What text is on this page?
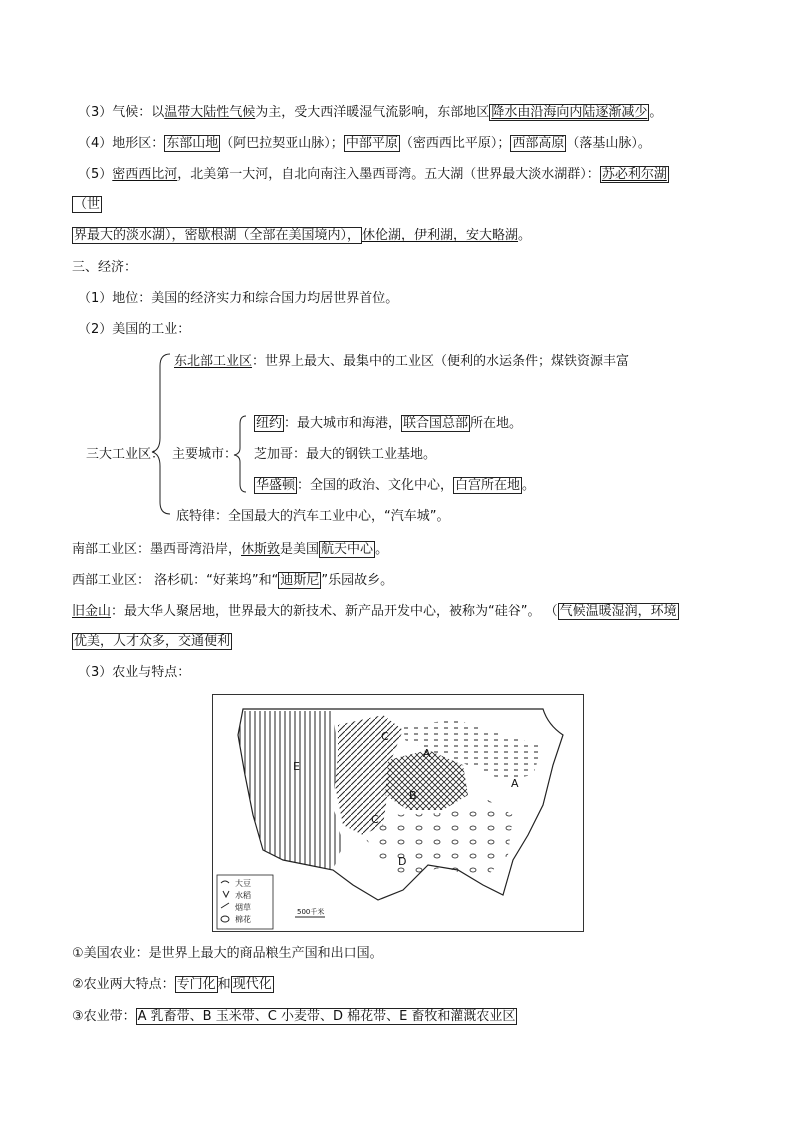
（3）气候：以温带大陆性气候为主，受大西洋暖湿气流影响，东部地区 降水由沿海向内陆逐渐减少 。
（4）地形区： 东部山地 （阿巴拉契亚山脉）； 中部平原 （密西西比平原）； 西部高原 （落基山脉）。
（5）密西西比河，北美第一大河，自北向南注入墨西哥湾。五大湖（世界最大淡水湖群）： 苏必利尔湖
（世
界最大的淡水湖），密歇根湖（全部在美国境内）， 休伦湖，伊利湖，安大略湖。
三、经济：
（1）地位：美国的经济实力和综合国力均居世界首位。
（2）美国的工业：
东北部工业区：世界上最大、最集中的工业区（便利的水运条件；煤铁资源丰富
三大工业区： 主要城市：
纽约 ：最大城市和海港， 联合国总部 所在地。
芝加哥：最大的钢铁工业基地。
华盛顿 ：全国的政治、文化中心， 白宫所在地 。
底特律：全国最大的汽车工业中心，“汽车城”。
南部工业区：墨西哥湾沿岸，休斯敦是美国 航天中心 。
西部工业区： 洛杉矶：“好莱坞”和“ 迪斯尼 ”乐园故乡。
旧金山：最大华人聚居地，世界最大的新技术、新产品开发中心，被称为“硅谷”。 （ 气候温暖湿润，环境
优美，人才众多，交通便利
（3）农业与特点：
E
C
C
B
A
A
D
大豆
水稻
烟草
棉花
500千米
①美国农业：是世界上最大的商品粮生产国和出口国。
②农业两大特点： 专门化 和 现代化
③农业带： A 乳畜带、B 玉米带、C 小麦带、D 棉花带、E 畜牧和灌溉农业区
